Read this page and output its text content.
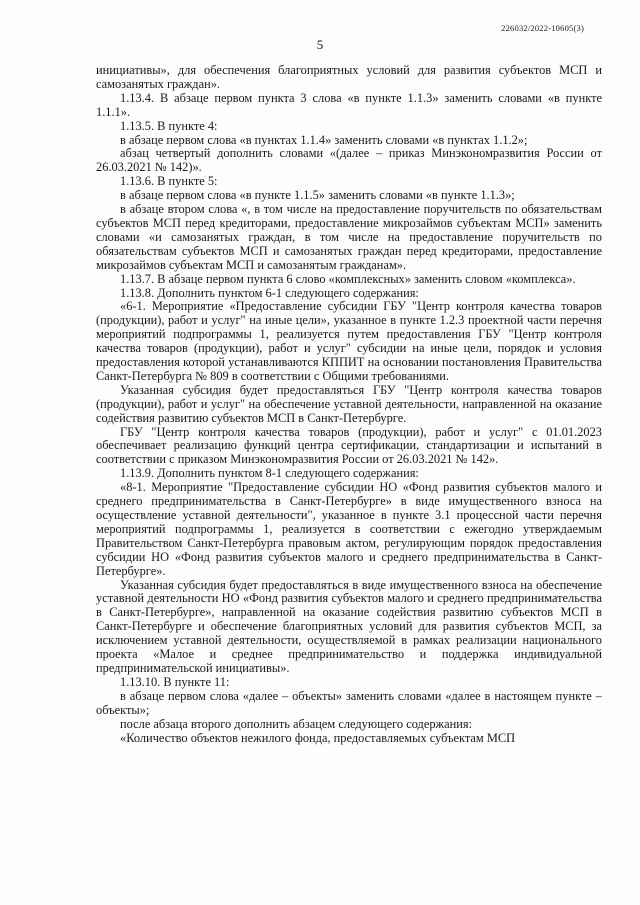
226032/2022-10605(3)
5

инициативы», для обеспечения благоприятных условий для развития субъектов МСП и самозанятых граждан».

1.13.4. В абзаце первом пункта 3 слова «в пункте 1.1.3» заменить словами «в пункте 1.1.1».

1.13.5. В пункте 4:

в абзаце первом слова «в пунктах 1.1.4» заменить словами «в пунктах 1.1.2»;

абзац четвертый дополнить словами «(далее – приказ Минэкономразвития России от 26.03.2021 № 142)».

1.13.6. В пункте 5:

в абзаце первом слова «в пункте 1.1.5» заменить словами «в пункте 1.1.3»;

в абзаце втором слова «, в том числе на предоставление поручительств по обязательствам субъектов МСП перед кредиторами, предоставление микрозаймов субъектам МСП» заменить словами «и самозанятых граждан, в том числе на предоставление поручительств по обязательствам субъектов МСП и самозанятых граждан перед кредиторами, предоставление микрозаймов субъектам МСП и самозанятым гражданам».

1.13.7. В абзаце первом пункта 6 слово «комплексных» заменить словом «комплекса».

1.13.8. Дополнить пунктом 6-1 следующего содержания:

«6-1. Мероприятие «Предоставление субсидии ГБУ "Центр контроля качества товаров (продукции), работ и услуг" на иные цели», указанное в пункте 1.2.3 проектной части перечня мероприятий подпрограммы 1, реализуется путем предоставления ГБУ "Центр контроля качества товаров (продукции), работ и услуг" субсидии на иные цели, порядок и условия предоставления которой устанавливаются КППИТ на основании постановления Правительства Санкт-Петербурга № 809 в соответствии с Общими требованиями.

Указанная субсидия будет предоставляться ГБУ "Центр контроля качества товаров (продукции), работ и услуг" на обеспечение уставной деятельности, направленной на оказание содействия развитию субъектов МСП в Санкт-Петербурге.

ГБУ "Центр контроля качества товаров (продукции), работ и услуг" с 01.01.2023 обеспечивает реализацию функций центра сертификации, стандартизации и испытаний в соответствии с приказом Минэкономразвития России от 26.03.2021 № 142».

1.13.9. Дополнить пунктом 8-1 следующего содержания:

«8-1. Мероприятие "Предоставление субсидии НО «Фонд развития субъектов малого и среднего предпринимательства в Санкт-Петербурге» в виде имущественного взноса на осуществление уставной деятельности", указанное в пункте 3.1 процессной части перечня мероприятий подпрограммы 1, реализуется в соответствии с ежегодно утверждаемым Правительством Санкт-Петербурга правовым актом, регулирующим порядок предоставления субсидии НО «Фонд развития субъектов малого и среднего предпринимательства в Санкт-Петербурге».

Указанная субсидия будет предоставляться в виде имущественного взноса на обеспечение уставной деятельности НО «Фонд развития субъектов малого и среднего предпринимательства в Санкт-Петербурге», направленной на оказание содействия развитию субъектов МСП в Санкт-Петербурге и обеспечение благоприятных условий для развития субъектов МСП, за исключением уставной деятельности, осуществляемой в рамках реализации национального проекта «Малое и среднее предпринимательство и поддержка индивидуальной предпринимательской инициативы».

1.13.10. В пункте 11:

в абзаце первом слова «далее – объекты» заменить словами «далее в настоящем пункте – объекты»;

после абзаца второго дополнить абзацем следующего содержания:

«Количество объектов нежилого фонда, предоставляемых субъектам МСП
